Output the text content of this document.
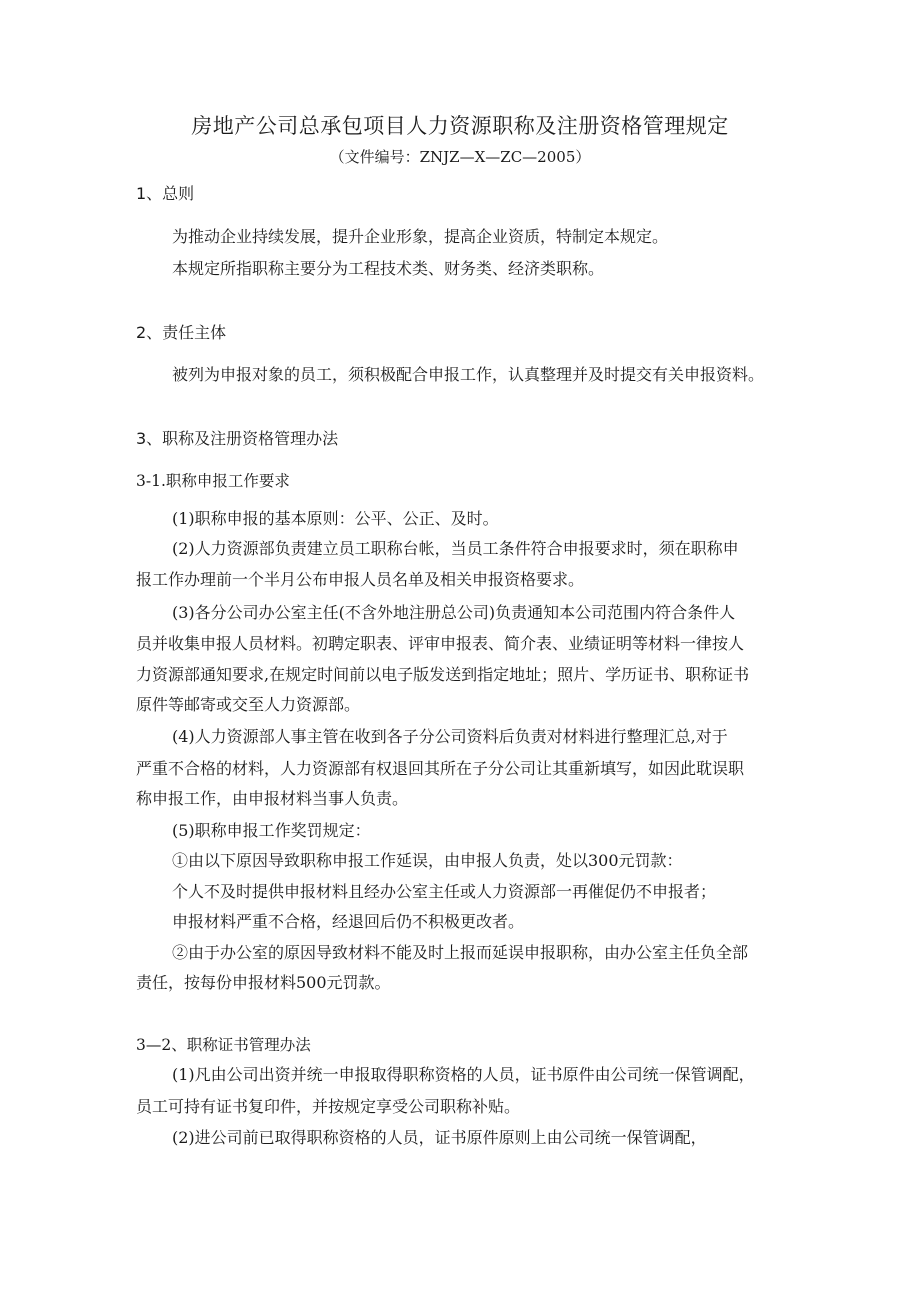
房地产公司总承包项目人力资源职称及注册资格管理规定
（文件编号：ZNJZ—X—ZC—2005）
1、总则
为推动企业持续发展，提升企业形象，提高企业资质，特制定本规定。
本规定所指职称主要分为工程技术类、财务类、经济类职称。
2、责任主体
被列为申报对象的员工，须积极配合申报工作，认真整理并及时提交有关申报资料。
3、职称及注册资格管理办法
3-1.职称申报工作要求
(1)职称申报的基本原则：公平、公正、及时。
(2)人力资源部负责建立员工职称台帐，当员工条件符合申报要求时，须在职称申
报工作办理前一个半月公布申报人员名单及相关申报资格要求。
(3)各分公司办公室主任(不含外地注册总公司)负责通知本公司范围内符合条件人
员并收集申报人员材料。初聘定职表、评审申报表、简介表、业绩证明等材料一律按人
力资源部通知要求,在规定时间前以电子版发送到指定地址；照片、学历证书、职称证书
原件等邮寄或交至人力资源部。
(4)人力资源部人事主管在收到各子分公司资料后负责对材料进行整理汇总,对于
严重不合格的材料，人力资源部有权退回其所在子分公司让其重新填写，如因此耽误职
称申报工作，由申报材料当事人负责。
(5)职称申报工作奖罚规定：
①由以下原因导致职称申报工作延误，由申报人负责，处以300元罚款：
个人不及时提供申报材料且经办公室主任或人力资源部一再催促仍不申报者；
申报材料严重不合格，经退回后仍不积极更改者。
②由于办公室的原因导致材料不能及时上报而延误申报职称，由办公室主任负全部
责任，按每份申报材料500元罚款。
3—2、职称证书管理办法
(1)凡由公司出资并统一申报取得职称资格的人员，证书原件由公司统一保管调配，
员工可持有证书复印件，并按规定享受公司职称补贴。
(2)进公司前已取得职称资格的人员，证书原件原则上由公司统一保管调配，
